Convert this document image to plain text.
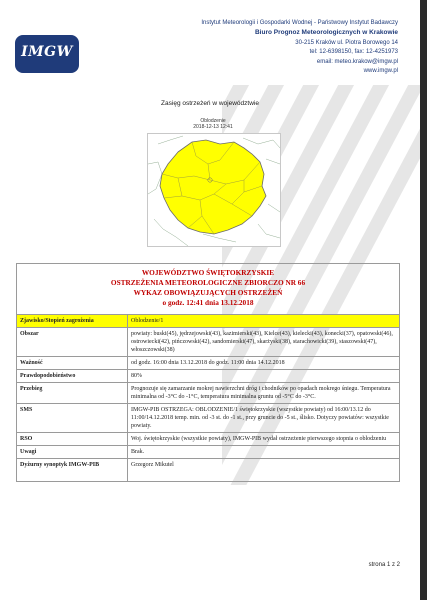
IMGW
Instytut Meteorologii i Gospodarki Wodnej - Państwowy Instytut Badawczy
Biuro Prognoz Meteorologicznych w Krakowie
30-215 Kraków ul. Piotra Borowego 14
tel: 12-6398150, fax: 12-4251973
email: meteo.krakow@imgw.pl
www.imgw.pl
Zasięg ostrzeżeń w województwie
Oblodzenie
2018-12-13 12:41
WOJEWÓDZTWO ŚWIĘTOKRZYSKIE
OSTRZEŻENIA METEOROLOGICZNE ZBIORCZO NR 66
WYKAZ OBOWIĄZUJĄCYCH OSTRZEŻEŃ
o godz. 12:41 dnia 13.12.2018	

Zjawisko/Stopień zagrożenia	Oblodzenie/1
Obszar	powiaty: buski(45), jędrzejowski(43), kazimierski(43), Kielce(43), kielecki(43), konecki(37), opatowski(46), ostrowiecki(42), pińczowski(42), sandomierski(47), skarżyski(38), starachowicki(39), staszowski(47), włoszczowski(38)
Ważność	od godz. 16:00 dnia 13.12.2018 do godz. 11:00 dnia 14.12.2018
Prawdopodobieństwo	80%
Przebieg	Prognozuje się zamarzanie mokrej nawierzchni dróg i chodników po opadach mokrego śniegu. Temperatura minimalna od -3°C do -1°C, temperatura minimalna gruntu od -5°C do -3°C.
SMS	IMGW-PIB OSTRZEGA: OBLODZENIE/1 świętokrzyskie (wszystkie powiaty) od 16:00/13.12 do 11:00/14.12.2018 temp. min. od -3 st. do -1 st., przy gruncie do -5 st., ślisko. Dotyczy powiatów: wszystkie powiaty.
RSO	Woj. świętokrzyskie (wszystkie powiaty), IMGW-PIB wydał ostrzeżenie pierwszego stopnia o oblodzeniu
Uwagi	Brak.
Dyżurny synoptyk IMGW-PIB	Grzegorz Mikutel
strona 1 z 2
